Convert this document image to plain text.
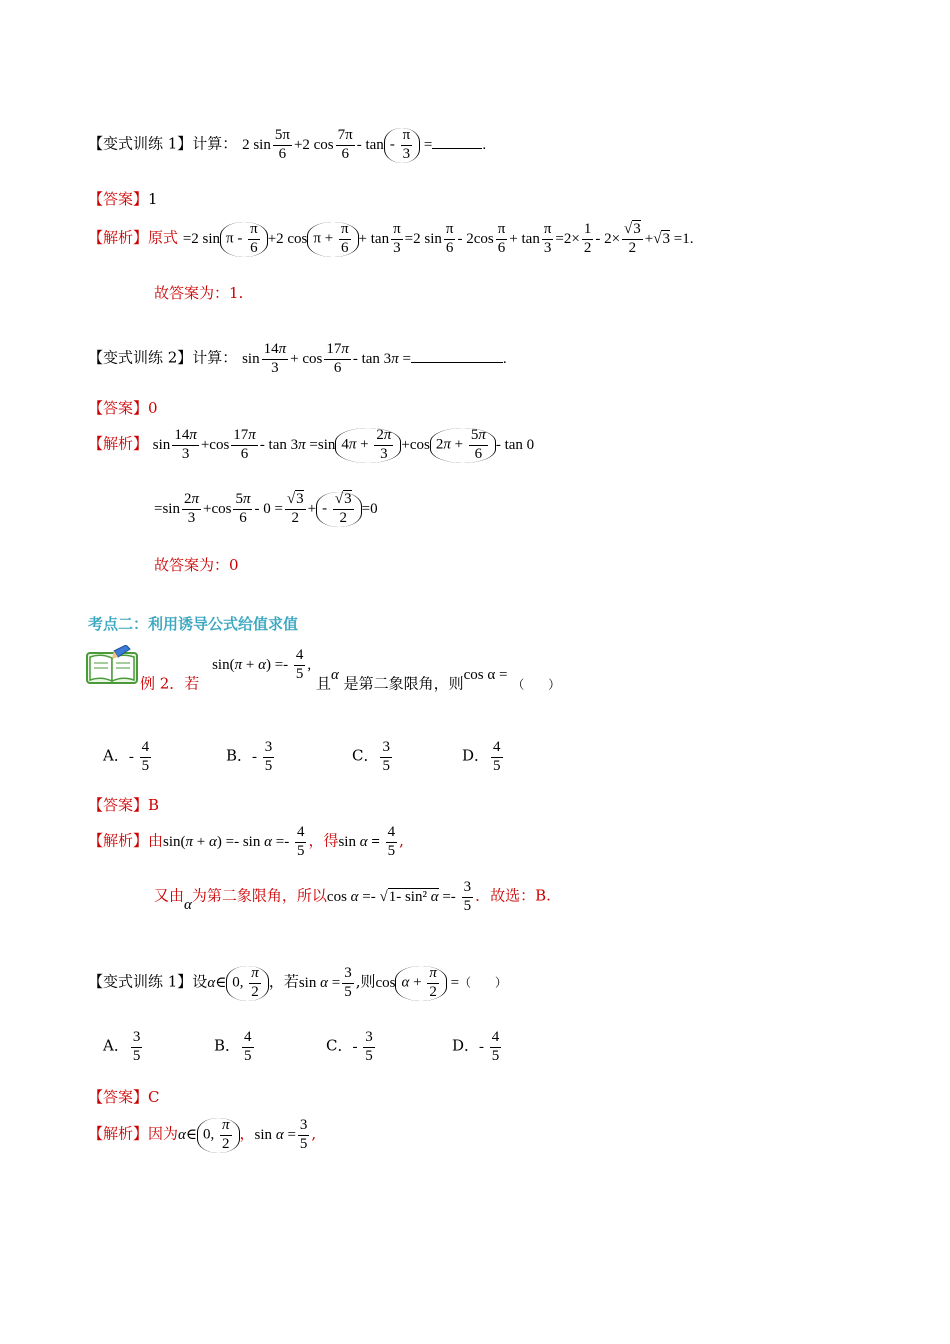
【变式训练 1】计算： 2 $\sin \frac{5\pi}{6} +2$ $\cos \frac{7\pi}{6} - \tan- \frac{\pi}{3}$ =	.
【答案】1
【解析】原式 =2 $\sin \pi - \frac{\pi}{6} +2$ $\cos \pi + \frac{\pi}{6} + \tan \frac{\pi}{3} =2$ $\sin \frac{\pi}{6} - 2\cos \frac{\pi}{6} + \tan \frac{\pi}{3} =2\times \frac{1}{2} - 2\times \frac{√3}{2} +√3 =1$.
故答案为：1.
【变式训练 2】计算： $\sin \frac{14\pi}{3} + \cos \frac{17\pi}{6} - \tan 3\pi$ =	.
【答案】0
【解析】 $\sin \frac{14\pi}{3} +\cos \frac{17\pi}{6} - \tan 3\pi =\sin$ $4\pi + \frac{2\pi}{3} +\cos$ $2\pi + \frac{5\pi}{6} - \tan 0$
$=\sin \frac{2\pi}{3} +\cos \frac{5\pi}{6} - 0 = \frac{√3}{2} +- \frac{√3}{2} =0$
故答案为：0
考点二：利用诱导公式给值求值
例 2．若 $\sin(\pi + \alpha) =- \frac{4}{5}$ , 且α 是第二象限角，则cos α = （　　）
A．- $\frac{4}{5}$	B．- $\frac{3}{5}$	C． $\frac{3}{5}$	D． $\frac{4}{5}$
【答案】B
【解析】由$\sin(\pi + \alpha) =- \sin \alpha =- \frac{4}{5}$ ，得$\sin \alpha = \frac{4}{5}$ ,
又由α为第二象限角，所以cos α =- √1- sin² $\alpha =- \frac{3}{5}$ ．故选：B.
【变式训练 1】设α∈ 0, $\frac{\pi}{2}$ ，若$\sin \alpha = \frac{3}{5}$ ,则$\cos \alpha + \frac{\pi}{2}$ =（　　）
A． $\frac{3}{5}$	B． $\frac{4}{5}$	C．- $\frac{3}{5}$	D．- $\frac{4}{5}$
【答案】C
【解析】因为α∈ 0, $\frac{\pi}{2}$ ，$\sin \alpha = \frac{3}{5}$ ,
